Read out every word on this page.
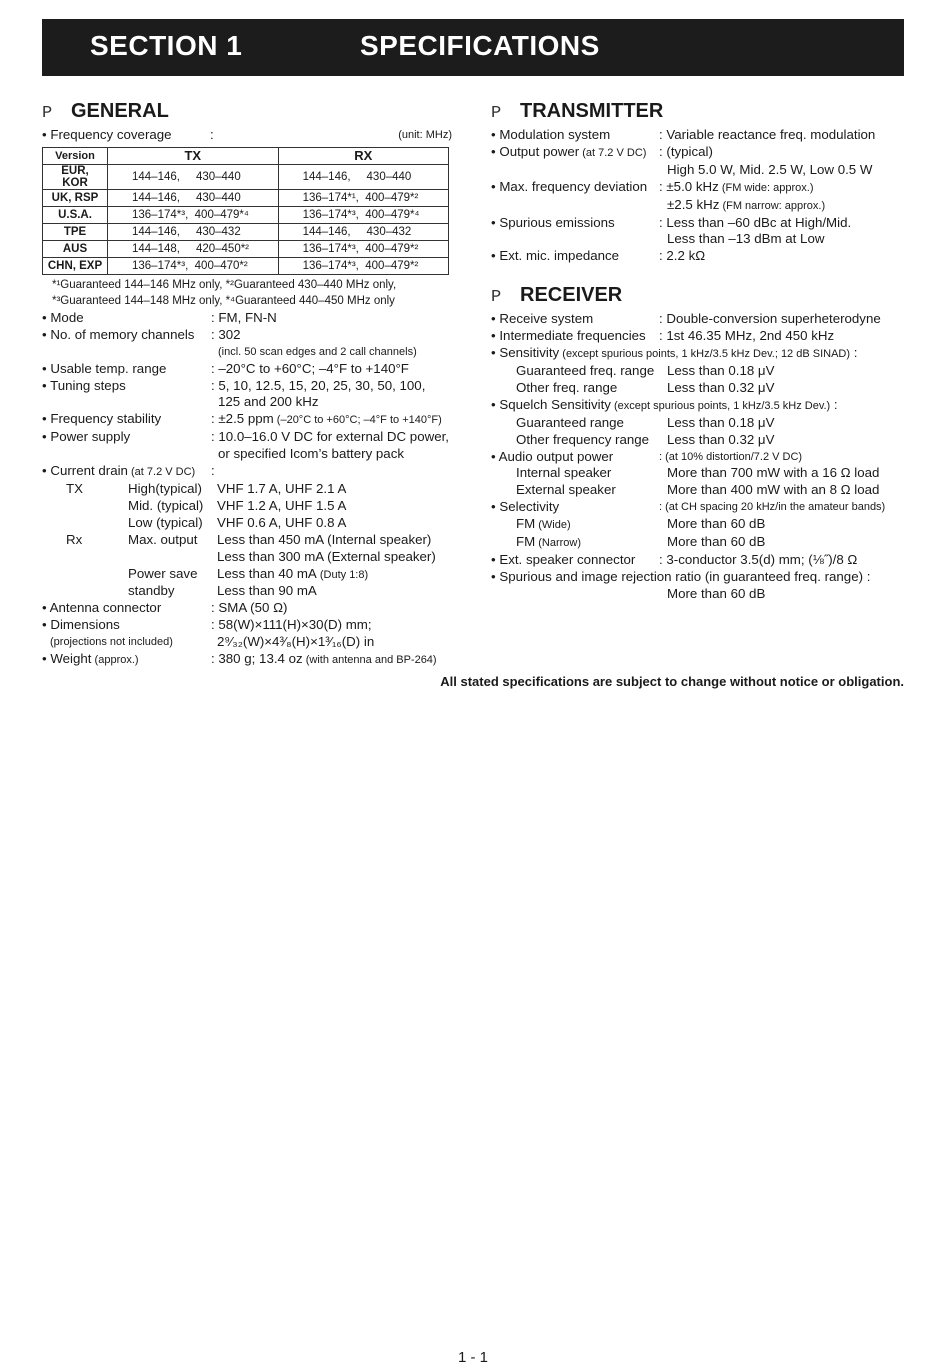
SECTION 1	SPECIFICATIONS
P GENERAL
• Frequency coverage	:	(unit: MHz)
Version	TX	RX
EUR, KOR	144–146,     430–440	144–146,     430–440
UK, RSP	144–146,     430–440	136–174*¹,  400–479*²
U.S.A.	136–174*³,  400–479*⁴	136–174*³,  400–479*⁴
TPE	144–146,     430–432	144–146,     430–432
AUS	144–148,     420–450*²	136–174*³,  400–479*²
CHN, EXP	136–174*³,  400–470*²	136–174*³,  400–479*²
*¹Guaranteed 144–146 MHz only, *²Guaranteed 430–440 MHz only,
*³Guaranteed 144–148 MHz only, *⁴Guaranteed 440–450 MHz only
• Mode	: FM, FN-N
• No. of memory channels	: 302
(incl. 50 scan edges and 2 call channels)
• Usable temp. range	: –20°C to +60°C; –4°F to +140°F
• Tuning steps	: 5, 10, 12.5, 15, 20, 25, 30, 50, 100,
125 and 200 kHz
• Frequency stability	: ±2.5 ppm (–20°C to +60°C; –4°F to +140°F)
• Power supply	: 10.0–16.0 V DC for external DC power,
or specified Icom’s battery pack
• Current drain (at 7.2 V DC)	:
TX	High(typical)	VHF 1.7 A, UHF 2.1 A
Mid. (typical)	VHF 1.2 A, UHF 1.5 A
Low (typical)	VHF 0.6 A, UHF 0.8 A
Rx	Max. output	Less than 450 mA (Internal speaker)
Less than 300 mA (External speaker)
Power save	Less than 40 mA (Duty 1:8)
standby	Less than 90 mA
• Antenna connector	: SMA (50 Ω)
• Dimensions	: 58(W)×111(H)×30(D) mm;
(projections not included)	2⁹⁄₃₂(W)×4³⁄₈(H)×1³⁄₁₆(D) in
• Weight (approx.)	: 380 g; 13.4 oz (with antenna and BP-264)
P TRANSMITTER
• Modulation system	: Variable reactance freq. modulation
• Output power (at 7.2 V DC) : (typical)
High 5.0 W, Mid. 2.5 W, Low 0.5 W
• Max. frequency deviation : ±5.0 kHz (FM wide: approx.)
±2.5 kHz (FM narrow: approx.)
• Spurious emissions	: Less than –60 dBc at High/Mid.
Less than –13 dBm at Low
• Ext. mic. impedance	: 2.2 kΩ
P RECEIVER
• Receive system	: Double-conversion superheterodyne
• Intermediate frequencies : 1st 46.35 MHz, 2nd 450 kHz
• Sensitivity (except spurious points, 1 kHz/3.5 kHz Dev.; 12 dB SINAD) :
Guaranteed freq. range Less than 0.18 μV
Other freq. range	Less than 0.32 μV
• Squelch Sensitivity (except spurious points, 1 kHz/3.5 kHz Dev.) :
Guaranteed range	Less than 0.18 μV
Other frequency range	Less than 0.32 μV
• Audio output power	: (at 10% distortion/7.2 V DC)
Internal speaker	More than 700 mW with a 16 Ω load
External speaker	More than 400 mW with an 8 Ω load
• Selectivity	: (at CH spacing 20 kHz/in the amateur bands)
FM (Wide)	More than 60 dB
FM (Narrow)	More than 60 dB
• Ext. speaker connector	: 3-conductor 3.5(d) mm; (⅛˝)/8 Ω
• Spurious and image rejection ratio (in guaranteed freq. range) :
More than 60 dB
All stated specifications are subject to change without notice or obligation.
1 - 1
